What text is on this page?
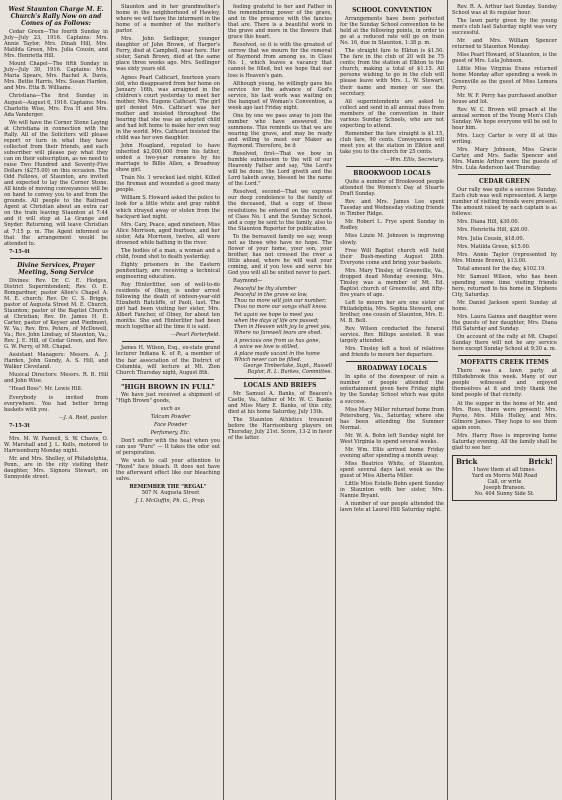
West Staunton Charge M. E. Church's Rally Now on and Comes of as Follows:

Cedar Green—The fourth Sunday in July—July 23, 1916. Captains: Mrs. Annie Taylor, Mrs. Dinah Hill, Mrs. Matilda Green, Mrs. Julia Cousin, and Mrs. Henrietta Hill.

Mount Chapel—The fifth Sunday in July—July 30, 1916. Captains: Mrs. Maria Spears, Mrs. Rachel A. Davis, Mrs. Bettie Harris, Mrs. Susan Harden, and Mrs. Etta B. Williams.

Christiana—The first Sunday in August—August 6, 1916. Captains: Mrs. Charlotte Wise, Mrs. Eva H and Mrs. Ada Vanderger.

We will have the Corner Stone Laying at Christiana in connection with the Rally. All of the Solicitors will please report or turn in what they have collected from their friends, and each subscriber will please pay what they can on their subscription, as we need to raise Two Hundred and Seventy-Five Dollars ($275.00) on this occasion. The Odd Fellows, of Staunton, are invited and expected to lay the Corner Stone. All kinds of moving conveyances will be on hand to convey you to and from the grounds. All people to the Railroad Agent at Christian about an extra car on the train leaving Staunton at 7:44 and it will stop at La Grange and Snyder. Returning, will leave Christian at 7:15 p. m. The Agent informed us that the arrangement would be attended to.

7-15-4t

Divine Services, Prayer Meeting, Song Service

Divines: Rev. Dr. C. E. Hodges, District Superintendent; Rev. O. E. Bomgardner, pastor Allen's Chapel A. M. E. church; Rev. Dr. C. S. Briggs, pastor of Augusta Street M. E. Church, Staunton; pastor of the Baptist Church at Christian; Rev. Dr. James H. E. Carter, pastor of Keyser and Piedmont, W. Va.; Rev. Bro. Peters, of McDowell, Va.; Rev. John Lindsay, of Staunton, Va.; Rev. J. E. Hill, of Cedar Green, and Rev. G. W. Perry, of Mt. Chapel.

Assistant Managers: Messrs. A. J. Harden, John Gundy, A. S. Hill, and Walker Cleveland.

Musical Directors: Messrs. R. B. Hill and John Wise.

"Head Boss": Mr. Lewis Hill.

Everybody is invited from everywhere. You had better bring baskets with you.

—J. A. Reid, pastor.

7-15-3t

Mrs. M. W. Pannell, S. W. Chavis, O. W. Marshall and J. L. Kells, motored to Harrisonburg Monday night.

Mr. and Mrs. Shelley, of Philadelphia, Penn., are in the city visiting their daughter, Mrs. Signora Stewart, on Sunnyside street.

Staunton and in her grandmother's home in the neighborhood of Hawley, where we will have the interment in the home of a member of the mother's parlor.

Mrs. John Sedlinger, younger daughter of John Brown, of Harper's Ferry, died at Campbell, near here. Her sister, Sarah Brown, died at the same place three weeks ago. Mrs. Sedlinger was sixty years old.

Agnes Pearl Cathcart, fourteen years old, who disappeared from her home on January 16th, was arraigned in the children's court yesterday to meet her mother, Mrs. Eugene Cathcart. The girl girl denied Mrs. Cathcart was her mother and insisted throughout the hearing that she was an adopted child and had left home to make her own way in the world. Mrs. Cathcart insisted the child was her own daughter.

John Hoagland, reputed to have inherited $2,000,000 from his father, ended a two-year romance by his marriage to Billie Allen, a Broadway show girl.

Train No. 1 wrecked last night. Killed the fireman and wounded a good many people.

William S. Howard asked the police to look for a little white and gray rabbit which strayed away or stolen from the backyard last night.

Mrs. Cary, Peace, aged nineteen, Miss Alice Morrison, aged fourteen, and her sister, Ada Morrison, twelve, all were drowned while bathing in the river.

The bodies of a man, a woman and a child, found shot to death yesterday.

Eighty prisoners in the Eastern penitentiary, are receiving a technical engineering education.

Roy Hinterlitter, son of well-to-do residents of Olney, is under arrest following the death of sixteen-year-old Elizabeth Ratcliffe, of Paoli, last. The girl had been visiting her sister, Mrs. Albert Fancher, of Olney, for about ten months. She and Hinterliter had been much together all the time it is said.

—Pearl Porterfield.

James H. Wilson, Esq., ex-state grand lecturer Indiana K. of P., a member of the bar association of the District of Columbia, will lecture at Mt. Zion Church Thursday night, August 8th.

"HIGH BROWN IN FULL"

We have just received a shipment of "High Brown" goods,

such as

Talcum Powder

Face Powder

Perfumery, Etc.

Don't suffer with the heat when you can use "Pure" — It takes the odor out of perspiration.

We wish to call your attention to "Rozol" face bleach. It does not have the afterward effect like our bleaching salve.

REMEMBER THE "REGAL"

507 N. Augusta Street

J. I. McGuffin, Ph. G., Prop.

feeling grateful to her and Father in the remembering power of the grave, and in the presence with the fancies that are. There is a beautiful work in the grave and more in the flowers that grace this heart.

Resolved, so it is with the greatest of sorrow that we mourn for the removal of Raymond from among us, in Class No. 1, which leaves a vacancy that cannot be filled, but we hope that our loss is Heaven's gain.

Although young, he willingly gave his service for the advance of God's service, his last work was waiting on the banquet of Woman's Convention, a week ago last Friday night.

One by one we pass away to join the number who have answered the summons. This reminds us that we are nearing the grave, and may be ready and willing to meet our Maker as Raymond. Therefore, be it

Resolved, first—That we bow in humble submission to the will of our Heavenly Father and say, "the Lord's will be done; the Lord giveth and the Lord taketh away, blessed be the name of the Lord."

Resolved, second—That we express our deep condolence to the family of the deceased, that a copy of these resolutions be entered on the records of Class No. 1 and the Sunday School, and a copy be sent to the family, also to the Staunton Reporter for publication.

To the bereaved family we say, weep not as those who have no hope. The flower of your home, your son, your brother, has not crossed the river a little ahead, where he will wait your coming, and if you love and serve his God you will all be united never to part.

Raymond—

Peaceful be thy slumber
Peaceful in the grave so low,
Thou no more wilt join our number;
Thou no more our songs shall know.
Yet again we hope to meet you
when the days of life are passed;
Then in Heaven with joy to greet you,
Where no farewell tears are shed.
A precious one from us has gone,
A voice we love is stilled,
A place made vacant in the home
Which never can be filled.
George Timberlake, Supt., Russell Baylor, R. L. Burkes, Committee.
LOCALS AND BRIEFS

Mr. Samuel A. Banks, of Beacon's Castle, Va., father of Mr. W. C. Banks and Miss Mary E. Banks, of this city, died at his home Saturday, July 15th.

The Staunton Athletics trounced before the Harrisonburg players on Thursday, July 21st. Score, 13-2 in favor of the latter.

SCHOOL CONVENTION

Arrangements have been perfected for the Sunday School convention to be held at the following points, in order to go at a reduced rate will go on train No. 16, due in Staunton, 1:38 p. m.

The straight fare to Elkton is $1.50. The fare in the club of 20 will be 75 cents; from the station at Elkton to the church, making a total of $1.15. All persons wishing to go in the club will please leave with Mrs. L. W. Stewart, their name and money or see the secretary.

All superintendents are asked to collect and send in all annual dues from members of the convention in their various Sunday Schools, who are not expecting to attend.

Remember the fare straight is $1.15, club fare, 90 cents. Conveyances will meet you at the station in Elkton and take you to the church for 25 cents.

—Wm. Ellis, Secretary.
BROOKWOOD LOCALS

Quite a number of Brookwood people attended the Women's Day at Stuarts Draft Sunday.

Rev. and Mrs. James Lee spent Tuesday and Wednesday visiting friends in Timber Ridge.

Mr. Robert L. Frye spent Sunday in Rodley.

Miss Lizzie M. Johnson is improving slowly.

Free Will Baptist church will hold their Bush-meeting August 20th. Everyone come and bring your baskets.

Mrs. Mary Tinsley, of Greenville, Va., dropped dead Monday evening. Mrs. Tinsley was a member of Mt. Ed. Baptist church of Greenville, and fifty-five years of age.

Left to mourn her are one sister of Philadelphia, Mrs. Sophia Steward, one brother, one cousin of Staunton, Mrs. E. M. B. Bell.

Rev. Wilson conducted the funeral service. Rev. Billups assisted. It was largely attended.

Mrs. Tinsley left a host of relatives and friends to mourn her departure.

BROADWAY LOCALS

In spite of the downpour of rain a number of people attended the entertainment given here Friday night by the Sunday School which was quite a success.

Miss Mary Miller returned home from Petersburg, Va., Saturday, where she has been attending the Summer Normal.

Mr. W. A. Bohn left Sunday night for West Virginia to spend several weeks.

Mr. Wm. Ellis arrived home Friday evening after spending a month away.

Miss Beatrice White, of Staunton, spent several days last week as the guest of Miss Alberta Miller.

Little Miss Estelle Bohn spent Sunday in Staunton with her sister, Mrs. Nannie Bryant.

A number of our people attended the lawn fete at Laurel Hill Saturday night.

Rev. R. A. Arthur last Sunday. Sunday School was at its regular hour.

The lawn party given by the young men's club last Saturday night was very successful.

Mr. and Mrs. William Spencer returned to Staunton Monday.

Miss Pearl Howard, of Staunton, is the guest of Mrs. Lula Johnson.

Little Miss Virginia Evans returned home Monday after spending a week in Greenville as the guest of Miss Lemora Perry.

Mr. W. F. Perry has purchased another house and lot.

Rev. W. C. Brown will preach at the annual sermon of the Young Men's Club Sunday. We hope everyone will be out to hear him.

Mrs. Lucy Carter is very ill at this writing.

Mrs. Mary Johnson, Miss Gracie Carter, and Mrs. Sadie Spencer and Mrs. Mamie Arthur were the guests of Mrs. Lula Anderson last Thursday.

CEDAR GREEN

Our rally was quite a success Sunday. Each club was well represented. A large number of visiting friends were present. The amount raised by each captain is as follows:

Mrs. Diana Hill, $30.00.

Mrs. Henrietta Hill, $26.00.

Mrs. Julia Cousin, $18.00.

Mrs. Matilda Green, $15.00.

Mrs. Annie Taylor (represented by Mrs. Minnie Brown), $13.00.

Total amount for the day, $102.19.

Mr. Samuel Wilson, who has been spending some time visiting friends here, returned to his home in Stephens City, Saturday.

Mr. Daniel Jackson spent Sunday at home.

Mrs. Laura Gaines and daughter were the guests of her daughter, Mrs. Diana Hill Saturday and Sunday.

On account of the rally at Mt. Chapel Sunday there will not be any service here except Sunday School at 9:30 a. m.

MOFFATTS CREEK ITEMS

There was a lawn party at Hillsdebrook this week. Many of our people witnessed and enjoyed themselves at it and truly thank the kind people of that vicinity.

At the supper in the home of Mr. and Mrs. Ross, there were present: Mrs. Payne, Mrs. Mills Holley, and Mrs. Gilmore James. They hope to see them again soon.

Mrs. Harry Ross is improving home Saturday evening. All the family shall be glad to see her.

Brick	Brick!

I have them at all times.

Yard on Morris Mill Road

Call, or write

Joseph Branson.

No. 404 Sunny Side St.
